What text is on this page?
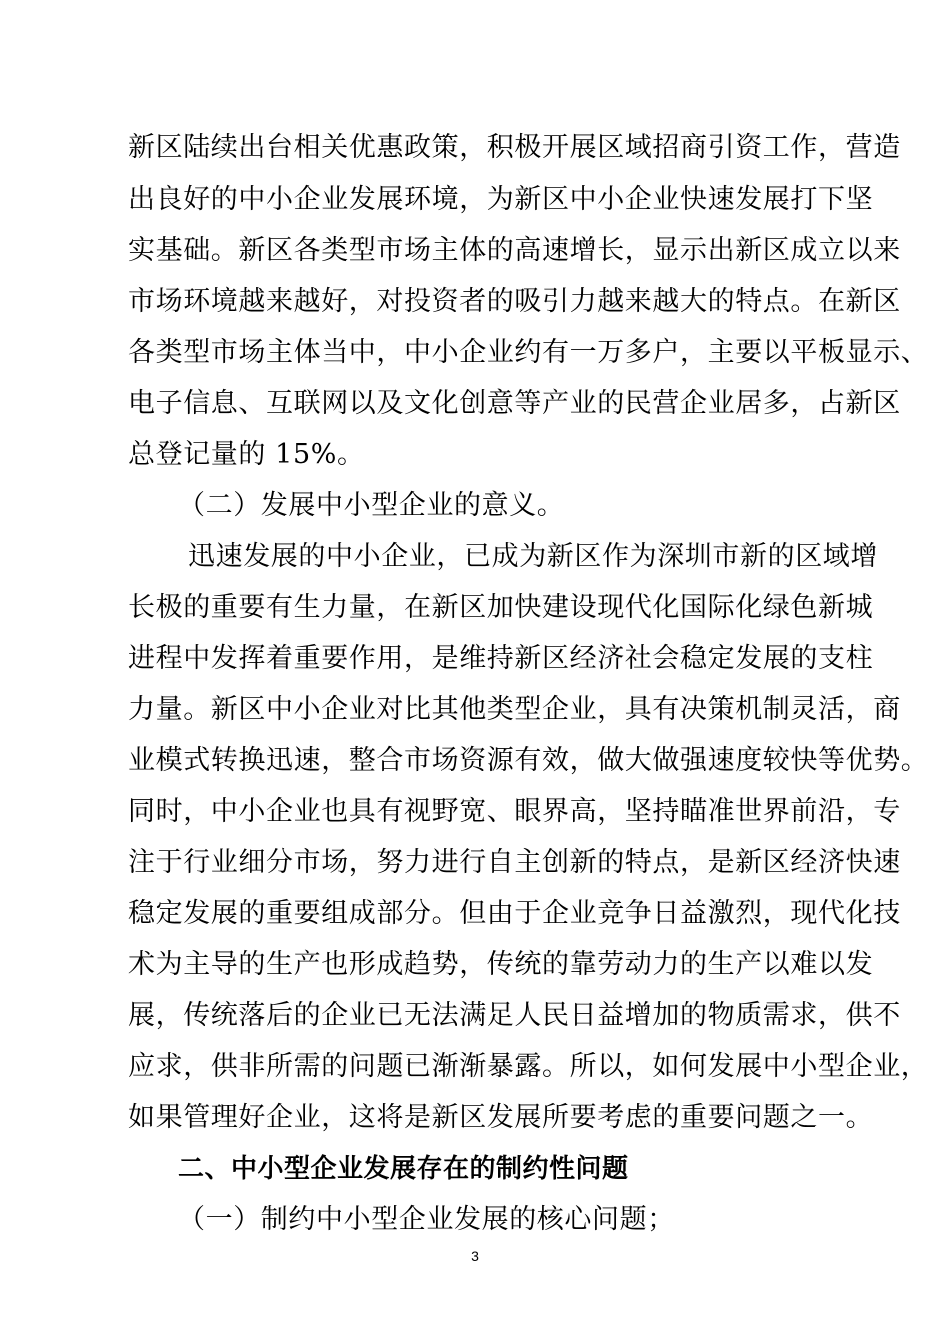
新区陆续出台相关优惠政策，积极开展区域招商引资工作，营造
出良好的中小企业发展环境，为新区中小企业快速发展打下坚
实基础。新区各类型市场主体的高速增长，显示出新区成立以来
市场环境越来越好，对投资者的吸引力越来越大的特点。在新区
各类型市场主体当中，中小企业约有一万多户，主要以平板显示、
电子信息、互联网以及文化创意等产业的民营企业居多，占新区
总登记量的 15%。
（二）发展中小型企业的意义。
迅速发展的中小企业，已成为新区作为深圳市新的区域增
长极的重要有生力量，在新区加快建设现代化国际化绿色新城
进程中发挥着重要作用，是维持新区经济社会稳定发展的支柱
力量。新区中小企业对比其他类型企业，具有决策机制灵活，商
业模式转换迅速，整合市场资源有效，做大做强速度较快等优势。
同时，中小企业也具有视野宽、眼界高，坚持瞄准世界前沿，专
注于行业细分市场，努力进行自主创新的特点，是新区经济快速
稳定发展的重要组成部分。但由于企业竞争日益激烈，现代化技
术为主导的生产也形成趋势，传统的靠劳动力的生产以难以发
展，传统落后的企业已无法满足人民日益增加的物质需求，供不
应求，供非所需的问题已渐渐暴露。所以，如何发展中小型企业，
如果管理好企业，这将是新区发展所要考虑的重要问题之一。
二、中小型企业发展存在的制约性问题
（一）制约中小型企业发展的核心问题；
3
